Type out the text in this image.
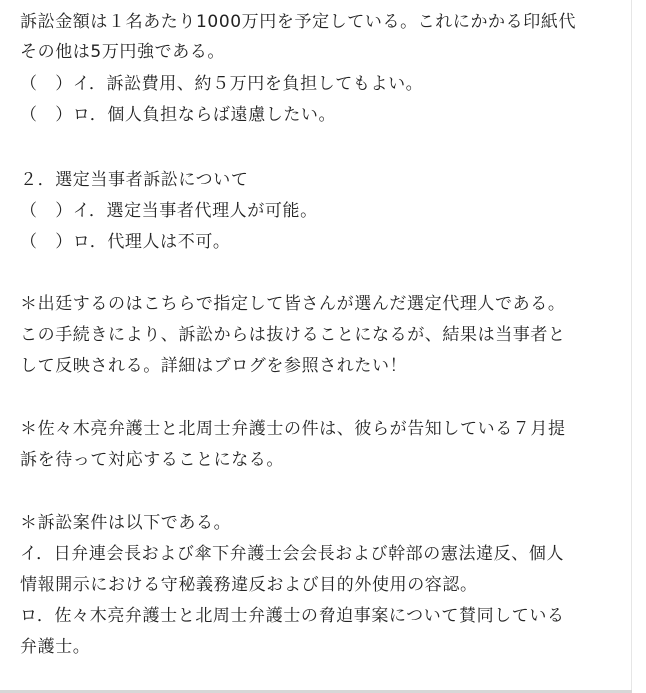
訴訟金額は１名あたり1000万円を予定している。これにかかる印紙代
その他は5万円強である。
（　）イ．訴訟費用、約５万円を負担してもよい。
（　）ロ．個人負担ならば遠慮したい。
２．選定当事者訴訟について
（　）イ．選定当事者代理人が可能。
（　）ロ．代理人は不可。
＊出廷するのはこちらで指定して皆さんが選んだ選定代理人である。
この手続きにより、訴訟からは抜けることになるが、結果は当事者と
して反映される。詳細はブログを参照されたい！
＊佐々木亮弁護士と北周士弁護士の件は、彼らが告知している７月提
訴を待って対応することになる。
＊訴訟案件は以下である。
イ．日弁連会長および傘下弁護士会会長および幹部の憲法違反、個人
情報開示における守秘義務違反および目的外使用の容認。
ロ．佐々木亮弁護士と北周士弁護士の脅迫事案について賛同している
弁護士。
